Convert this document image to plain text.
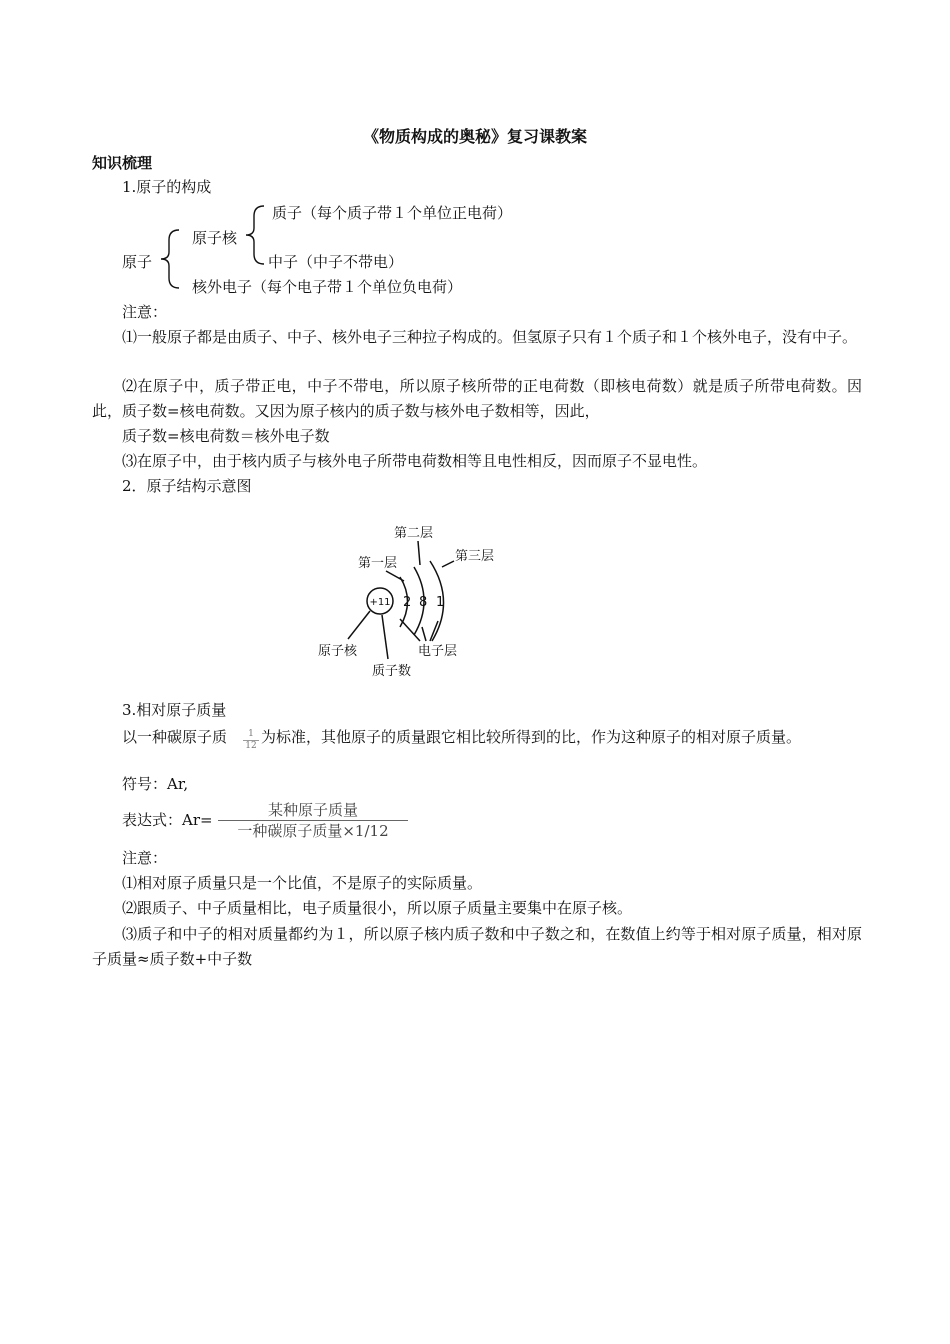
《物质构成的奥秘》复习课教案
知识梳理
1.原子的构成
原子
原子核
质子（每个质子带１个单位正电荷）
中子（中子不带电）
核外电子（每个电子带１个单位负电荷）
注意：
⑴一般原子都是由质子、中子、核外电子三种拉子构成的。但氢原子只有１个质子和１个核外电子，没有中子。
⑵在原子中，质子带正电，中子不带电，所以原子核所带的正电荷数（即核电荷数）就是质子所带电荷数。因此，质子数=核电荷数。又因为原子核内的质子数与核外电子数相等，因此，
质子数=核电荷数＝核外电子数
⑶在原子中，由于核内质子与核外电子所带电荷数相等且电性相反，因而原子不显电性。
2．原子结构示意图
第一层
第二层
第三层
+11 2 8 1
原子核
质子数
电子层
3.相对原子质量
以一种碳原子质 $\frac{1}{12}$ 为标准，其他原子的质量跟它相比较所得到的比，作为这种原子的相对原子质量。
符号：Ar,
表达式：Ar=
某种原子质量
一种碳原子质量×1/12
注意：
⑴相对原子质量只是一个比值，不是原子的实际质量。
⑵跟质子、中子质量相比，电子质量很小，所以原子质量主要集中在原子核。
⑶质子和中子的相对质量都约为１，所以原子核内质子数和中子数之和，在数值上约等于相对原子质量，相对原子质量≈质子数+中子数
